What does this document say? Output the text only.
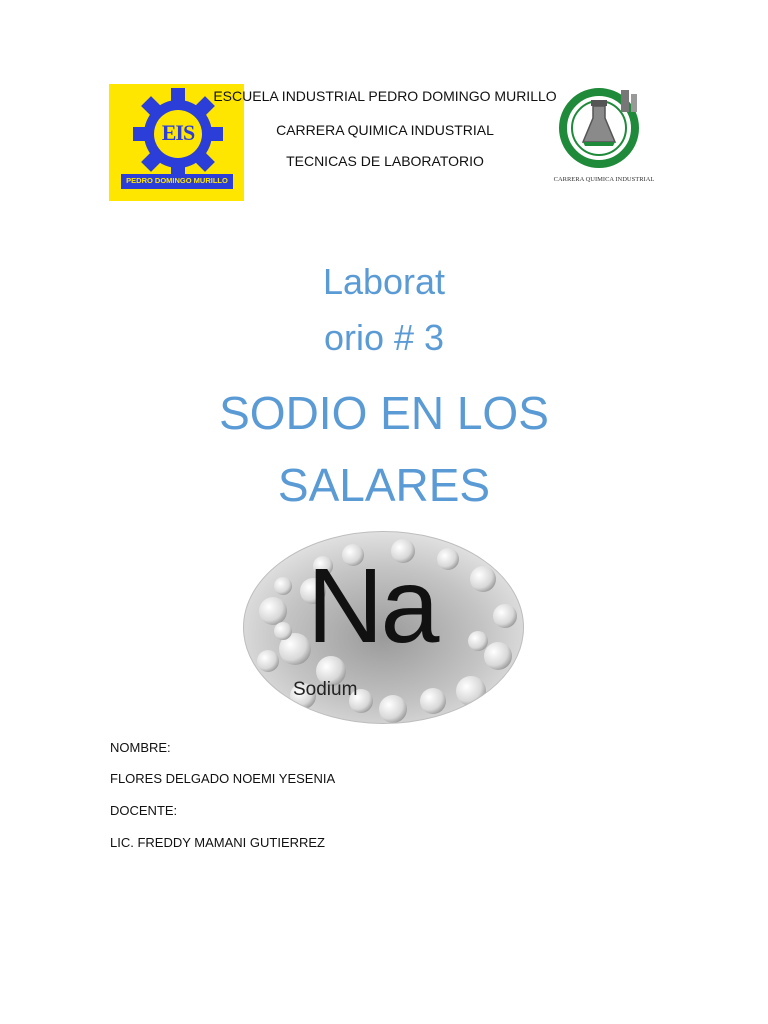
EIS
PEDRO DOMINGO MURILLO	CARRERA QUIMICA INDUSTRIAL
ESCUELA INDUSTRIAL PEDRO DOMINGO MURILLO
CARRERA QUIMICA INDUSTRIAL
TECNICAS DE LABORATORIO
Laborat
orio # 3
SODIO EN LOS
SALARES
Na
Sodium
NOMBRE:
FLORES DELGADO NOEMI YESENIA
DOCENTE:
LIC. FREDDY MAMANI GUTIERREZ
